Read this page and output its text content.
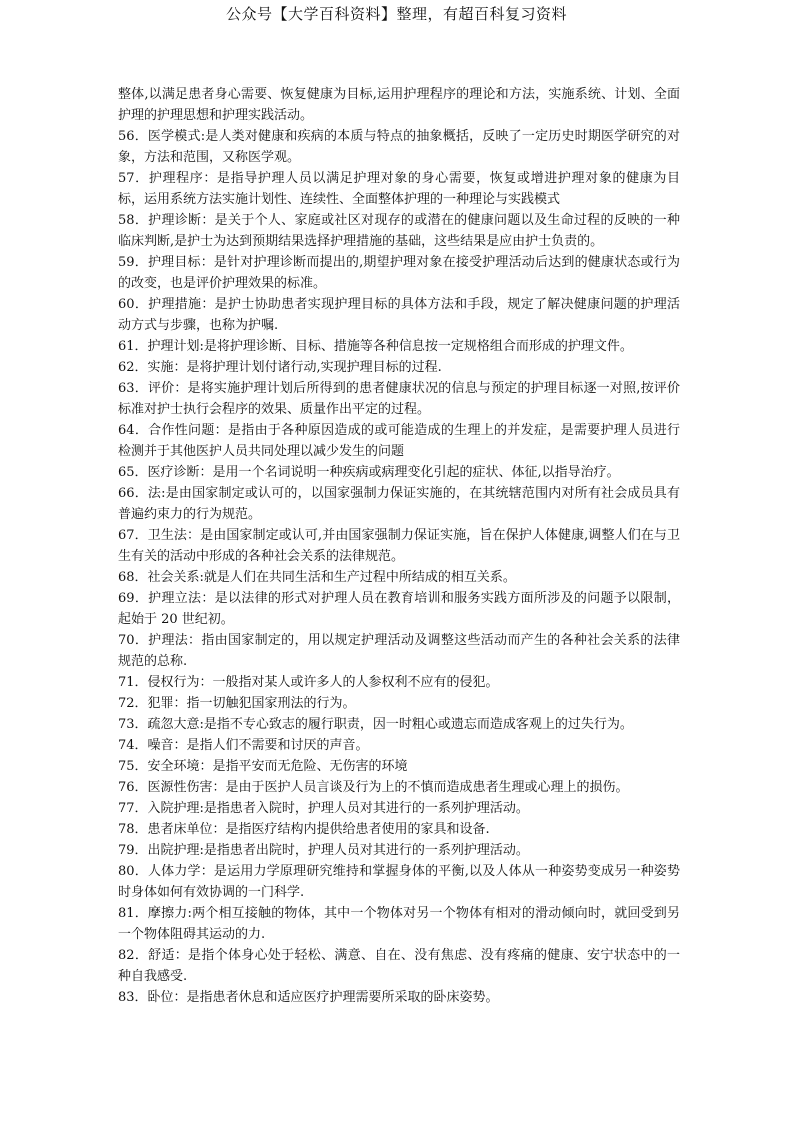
公众号【大学百科资料】整理，有超百科复习资料

整体,以满足患者身心需要、恢复健康为目标,运用护理程序的理论和方法，实施系统、计划、全面护理的护理思想和护理实践活动。

56．医学模式:是人类对健康和疾病的本质与特点的抽象概括，反映了一定历史时期医学研究的对象，方法和范围，又称医学观。

57．护理程序：是指导护理人员以满足护理对象的身心需要，恢复或增进护理对象的健康为目标，运用系统方法实施计划性、连续性、全面整体护理的一种理论与实践模式

58．护理诊断：是关于个人、家庭或社区对现存的或潜在的健康问题以及生命过程的反映的一种临床判断,是护士为达到预期结果选择护理措施的基础，这些结果是应由护士负责的。

59．护理目标：是针对护理诊断而提出的,期望护理对象在接受护理活动后达到的健康状态或行为的改变，也是评价护理效果的标准。

60．护理措施：是护士协助患者实现护理目标的具体方法和手段，规定了解决健康问题的护理活动方式与步骤，也称为护嘱.

61．护理计划:是将护理诊断、目标、措施等各种信息按一定规格组合而形成的护理文件。

62．实施：是将护理计划付诸行动,实现护理目标的过程.

63．评价：是将实施护理计划后所得到的患者健康状况的信息与预定的护理目标逐一对照,按评价标准对护士执行会程序的效果、质量作出平定的过程。

64．合作性问题：是指由于各种原因造成的或可能造成的生理上的并发症，是需要护理人员进行检测并于其他医护人员共同处理以减少发生的问题

65．医疗诊断：是用一个名词说明一种疾病或病理变化引起的症状、体征,以指导治疗。

66．法:是由国家制定或认可的，以国家强制力保证实施的，在其统辖范围内对所有社会成员具有普遍约束力的行为规范。

67．卫生法：是由国家制定或认可,并由国家强制力保证实施，旨在保护人体健康,调整人们在与卫生有关的活动中形成的各种社会关系的法律规范。

68．社会关系:就是人们在共同生活和生产过程中所结成的相互关系。

69．护理立法：是以法律的形式对护理人员在教育培训和服务实践方面所涉及的问题予以限制，起始于 20 世纪初。

70．护理法：指由国家制定的，用以规定护理活动及调整这些活动而产生的各种社会关系的法律规范的总称.

71．侵权行为：一般指对某人或许多人的人参权利不应有的侵犯。

72．犯罪：指一切触犯国家刑法的行为。

73．疏忽大意:是指不专心致志的履行职责，因一时粗心或遗忘而造成客观上的过失行为。

74．噪音：是指人们不需要和讨厌的声音。

75．安全环境：是指平安而无危险、无伤害的环境

76．医源性伤害：是由于医护人员言谈及行为上的不慎而造成患者生理或心理上的损伤。

77．入院护理:是指患者入院时，护理人员对其进行的一系列护理活动。

78．患者床单位：是指医疗结构内提供给患者使用的家具和设备.

79．出院护理:是指患者出院时，护理人员对其进行的一系列护理活动。

80．人体力学：是运用力学原理研究维持和掌握身体的平衡,以及人体从一种姿势变成另一种姿势时身体如何有效协调的一门科学.

81．摩擦力:两个相互接触的物体，其中一个物体对另一个物体有相对的滑动倾向时，就回受到另一个物体阻碍其运动的力.

82．舒适：是指个体身心处于轻松、满意、自在、没有焦虑、没有疼痛的健康、安宁状态中的一种自我感受.

83．卧位：是指患者休息和适应医疗护理需要所采取的卧床姿势。
